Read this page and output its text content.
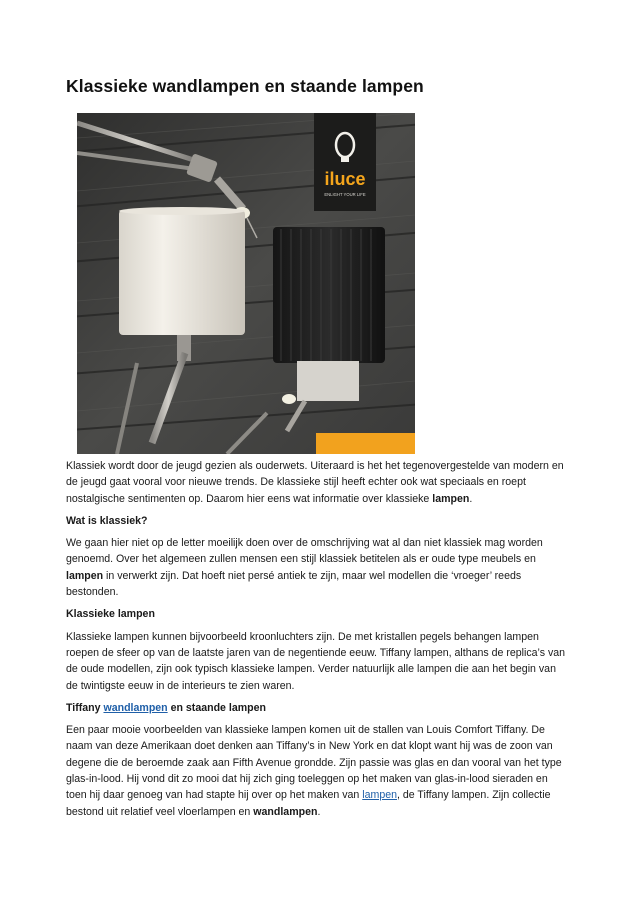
Klassieke wandlampen en staande lampen
iluce
ENLIGHT YOUR LIFE

Klassiek wordt door de jeugd gezien als ouderwets. Uiteraard is het het tegenovergestelde van modern en de jeugd gaat vooral voor nieuwe trends. De klassieke stijl heeft echter ook wat speciaals en roept nostalgische sentimenten op. Daarom hier eens wat informatie over klassieke lampen.

Wat is klassiek?

We gaan hier niet op de letter moeilijk doen over de omschrijving wat al dan niet klassiek mag worden genoemd. Over het algemeen zullen mensen een stijl klassiek betitelen als er oude type meubels en lampen in verwerkt zijn. Dat hoeft niet persé antiek te zijn, maar wel modellen die ‘vroeger’ reeds bestonden.

Klassieke lampen

Klassieke lampen kunnen bijvoorbeeld kroonluchters zijn. De met kristallen pegels behangen lampen roepen de sfeer op van de laatste jaren van de negentiende eeuw. Tiffany lampen, althans de replica’s van de oude modellen, zijn ook typisch klassieke lampen. Verder natuurlijk alle lampen die aan het begin van de twintigste eeuw in de interieurs te zien waren.

Tiffany wandlampen en staande lampen

Een paar mooie voorbeelden van klassieke lampen komen uit de stallen van Louis Comfort Tiffany. De naam van deze Amerikaan doet denken aan Tiffany’s in New York en dat klopt want hij was de zoon van degene die de beroemde zaak aan Fifth Avenue grondde. Zijn passie was glas en dan vooral van het type glas-in-lood. Hij vond dit zo mooi dat hij zich ging toeleggen op het maken van glas-in-lood sieraden en toen hij daar genoeg van had stapte hij over op het maken van lampen, de Tiffany lampen. Zijn collectie bestond uit relatief veel vloerlampen en wandlampen.
